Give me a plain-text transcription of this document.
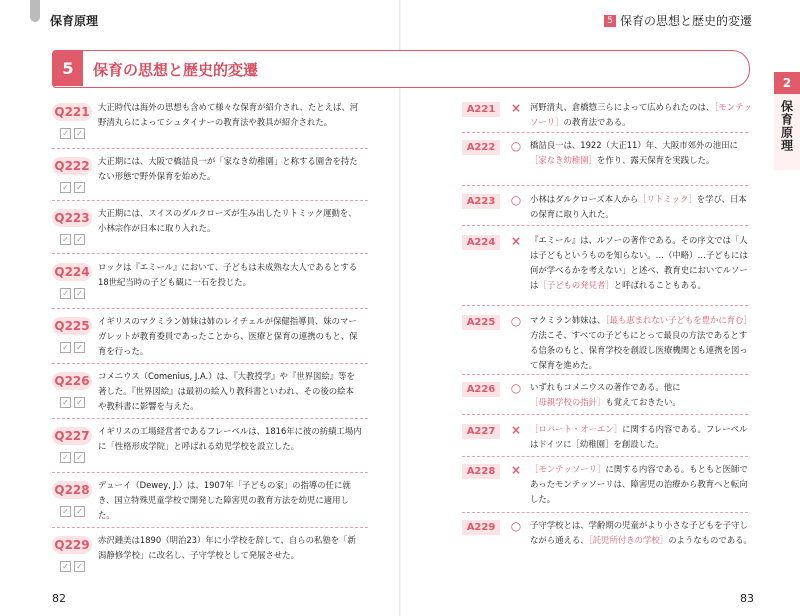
保育原理	5 保育の思想と歴史的変遷
5	保育の思想と歴史的変遷
2
保育原理
Q221
✓ ✓
大正時代は海外の思想も含めて様々な保育が紹介され、たとえば、河野清丸らによってシュタイナーの教育法や教具が紹介された。
Q222
✓ ✓
大正期には、大阪で橋詰良一が「家なき幼稚園」と称する園舎を持たない形態で野外保育を始めた。
Q223
✓ ✓
大正期には、スイスのダルクローズが生み出したリトミック運動を、小林宗作が日本に取り入れた。
Q224
✓ ✓
ロックは『エミール』において、子どもは未成熟な大人であるとする18世紀当時の子ども観に一石を投じた。
Q225
✓ ✓
イギリスのマクミラン姉妹は姉のレイチェルが保健指導員、妹のマーガレットが教育委員であったことから、医療と保育の連携のもと、保育を行った。
Q226
✓ ✓
コメニウス（Comenius, J.A.）は、『大教授学』や『世界図絵』等を著した。『世界図絵』は最初の絵入り教科書といわれ、その後の絵本や教科書に影響を与えた。
Q227
✓ ✓
イギリスの工場経営者であるフレーベルは、1816年に彼の紡績工場内に「性格形成学院」と呼ばれる幼児学校を設立した。
Q228
✓ ✓
デューイ（Dewey, J.）は、1907年「子どもの家」の指導の任に就き、国立特殊児童学校で開発した障害児の教育方法を幼児に適用した。
Q229
✓ ✓
赤沢鍾美は1890（明治23）年に小学校を辞して、自らの私塾を「新潟静修学校」に改名し、子守学校として発展させた。
A221	× 河野清丸、倉橋惣三らによって広められたのは、［モンテッソーリ］の教育法である。
A222	○ 橋詰良一は、1922（大正11）年、大阪市郊外の池田に［家なき幼稚園］を作り、露天保育を実践した。
A223	○ 小林はダルクローズ本人から［リトミック］を学び、日本の保育に取り入れた。
A224	× 『エミール』は、ルソーの著作である。その序文では「人は子どもというものを知らない。…（中略）…子どもには何が学べるかを考えない」と述べ、教育史においてルソーは［子どもの発見者］と呼ばれることもある。
A225	○ マクミラン姉妹は、［最も恵まれない子どもを豊かに育む］方法こそ、すべての子どもにとって最良の方法であるとする信条のもと、保育学校を創設し医療機関とも連携を図って保育を進めた。
A226	○ いずれもコメニウスの著作である。他に［母親学校の指針］も覚えておきたい。
A227	× ［ロバート・オーエン］に関する内容である。フレーベルはドイツに［幼稚園］を創設した。
A228	× ［モンテッソーリ］に関する内容である。もともと医師であったモンテッソーリは、障害児の治療から教育へと転向した。
A229	○ 子守学校とは、学齢期の児童がより小さな子どもを子守しながら通える、［託児所付きの学校］のようなものである。
82	83
